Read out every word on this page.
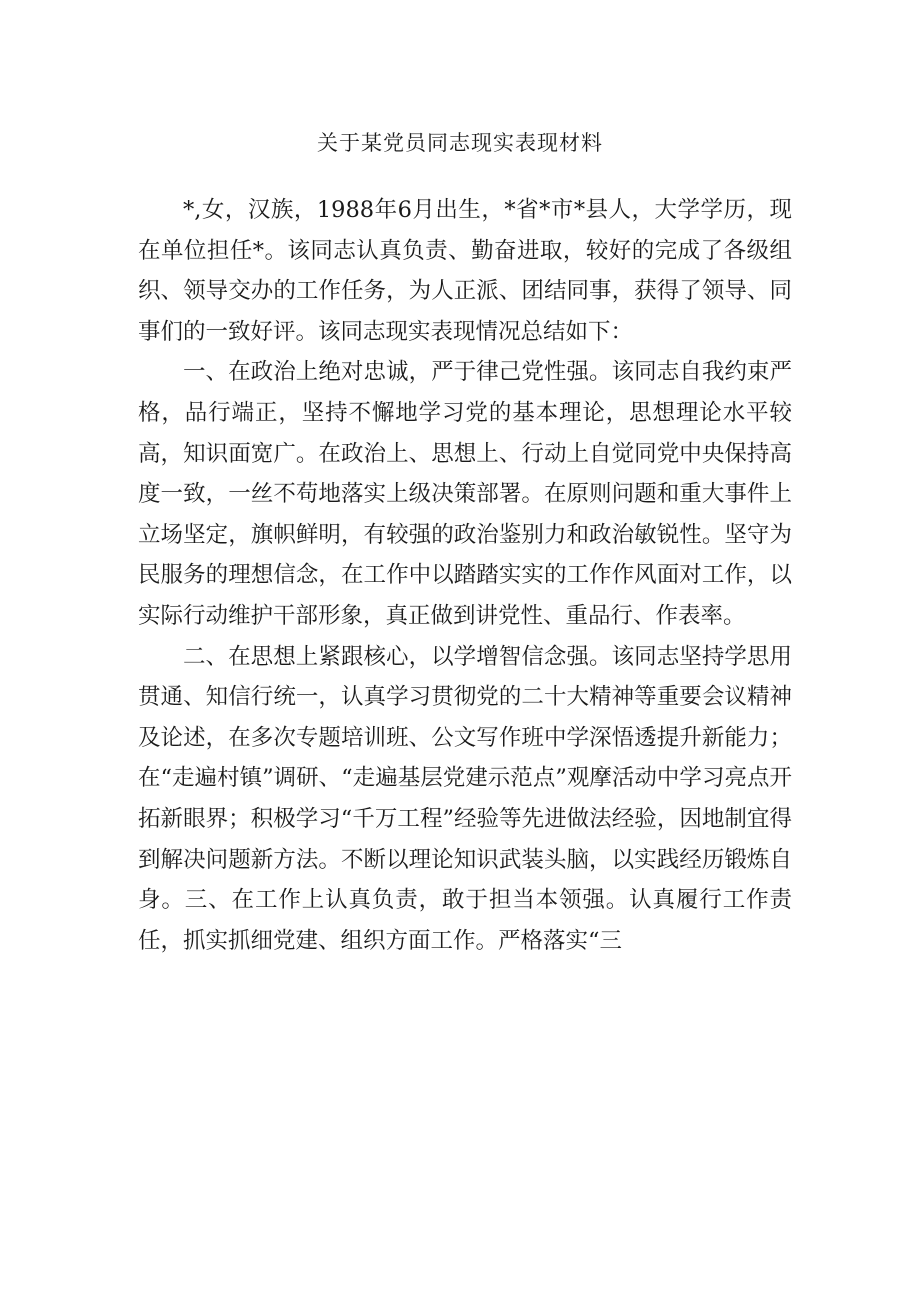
关于某党员同志现实表现材料

*,女，汉族，1988年6月出生，*省*市*县人，大学学历，现在单位担任*。该同志认真负责、勤奋进取，较好的完成了各级组织、领导交办的工作任务，为人正派、团结同事，获得了领导、同事们的一致好评。该同志现实表现情况总结如下：

一、在政治上绝对忠诚，严于律己党性强。该同志自我约束严格，品行端正，坚持不懈地学习党的基本理论，思想理论水平较高，知识面宽广。在政治上、思想上、行动上自觉同党中央保持高度一致，一丝不苟地落实上级决策部署。在原则问题和重大事件上立场坚定，旗帜鲜明，有较强的政治鉴别力和政治敏锐性。坚守为民服务的理想信念，在工作中以踏踏实实的工作作风面对工作，以实际行动维护干部形象，真正做到讲党性、重品行、作表率。

二、在思想上紧跟核心，以学增智信念强。该同志坚持学思用贯通、知信行统一，认真学习贯彻党的二十大精神等重要会议精神及论述，在多次专题培训班、公文写作班中学深悟透提升新能力；在“走遍村镇”调研、“走遍基层党建示范点”观摩活动中学习亮点开拓新眼界；积极学习“千万工程”经验等先进做法经验，因地制宜得到解决问题新方法。不断以理论知识武装头脑，以实践经历锻炼自身。三、在工作上认真负责，敢于担当本领强。认真履行工作责任，抓实抓细党建、组织方面工作。严格落实“三
